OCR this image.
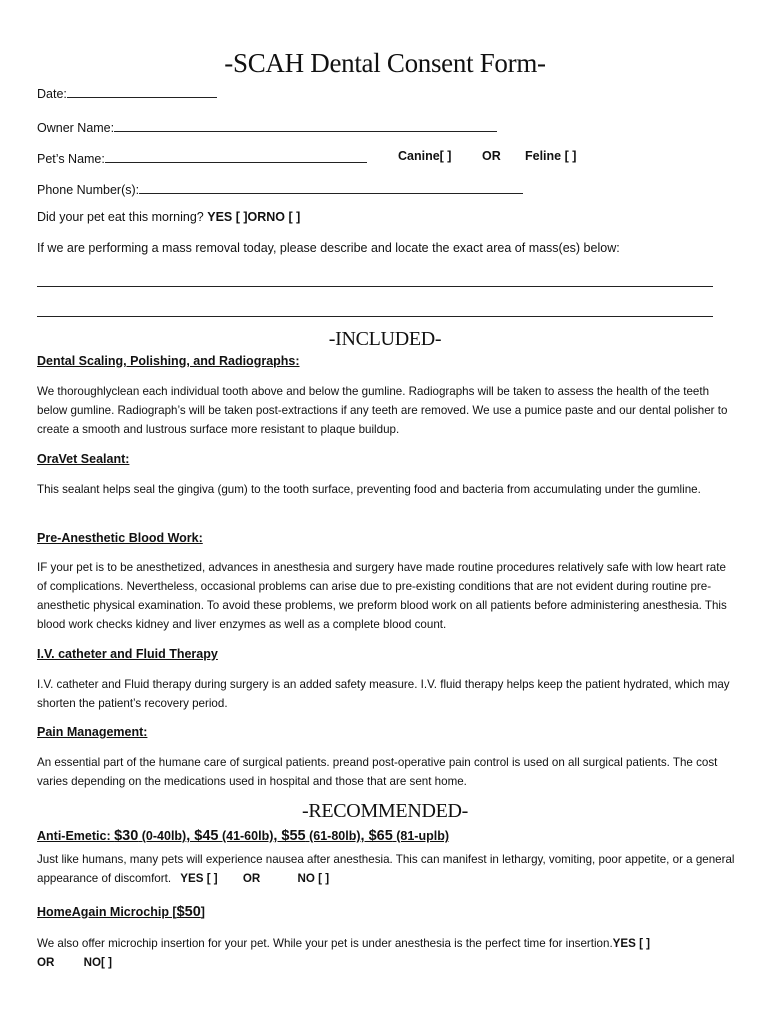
-SCAH Dental Consent Form-
Date:
Owner Name:
Pet’s Name:	Canine[ ] OR Feline [ ]
Phone Number(s):
Did your pet eat this morning? YES [ ]ORNO [ ]
If we are performing a mass removal today, please describe and locate the exact area of mass(es) below:
-INCLUDED-
Dental Scaling, Polishing, and Radiographs:
We thoroughlyclean each individual tooth above and below the gumline. Radiographs will be taken to assess the health of the teeth below gumline. Radiograph’s will be taken post-extractions if any teeth are removed. We use a pumice paste and our dental polisher to create a smooth and lustrous surface more resistant to plaque buildup.
OraVet Sealant:
This sealant helps seal the gingiva (gum) to the tooth surface, preventing food and bacteria from accumulating under the gumline.
Pre-Anesthetic Blood Work:
IF your pet is to be anesthetized, advances in anesthesia and surgery have made routine procedures relatively safe with low heart rate of complications. Nevertheless, occasional problems can arise due to pre-existing conditions that are not evident during routine pre-anesthetic physical examination. To avoid these problems, we preform blood work on all patients before administering anesthesia. This blood work checks kidney and liver enzymes as well as a complete blood count.
I.V. catheter and Fluid Therapy
I.V. catheter and Fluid therapy during surgery is an added safety measure. I.V. fluid therapy helps keep the patient hydrated, which may shorten the patient’s recovery period.
Pain Management:
An essential part of the humane care of surgical patients. preand post-operative pain control is used on all surgical patients. The cost varies depending on the medications used in hospital and those that are sent home.
-RECOMMENDED-
Anti-Emetic: $30 (0-40lb), $45 (41-60lb), $55 (61-80lb), $65 (81-uplb)
Just like humans, many pets will experience nausea after anesthesia. This can manifest in lethargy, vomiting, poor appetite, or a general appearance of discomfort. YES [ ] OR	NO [ ]
HomeAgain Microchip [$50]
We also offer microchip insertion for your pet. While your pet is under anesthesia is the perfect time for insertion.YES [ ]
OR	NO[ ]
